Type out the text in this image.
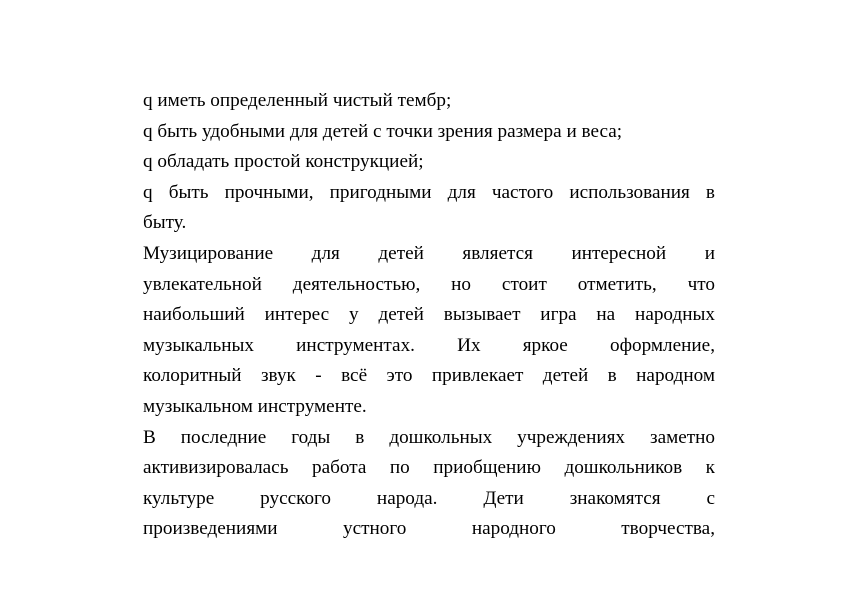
q иметь определенный чистый тембр;
q быть удобными для детей с точки зрения размера и веса;
q обладать простой конструкцией;
q быть прочными, пригодными для частого использования в
быту.
Музицирование для детей является интересной и
увлекательной деятельностью, но стоит отметить, что
наибольший интерес у детей вызывает игра на народных
музыкальных инструментах. Их яркое оформление,
колоритный звук - всё это привлекает детей в народном
музыкальном инструменте.
В последние годы в дошкольных учреждениях заметно
активизировалась работа по приобщению дошкольников к
культуре русского народа. Дети знакомятся с
произведениями устного народного творчества,
